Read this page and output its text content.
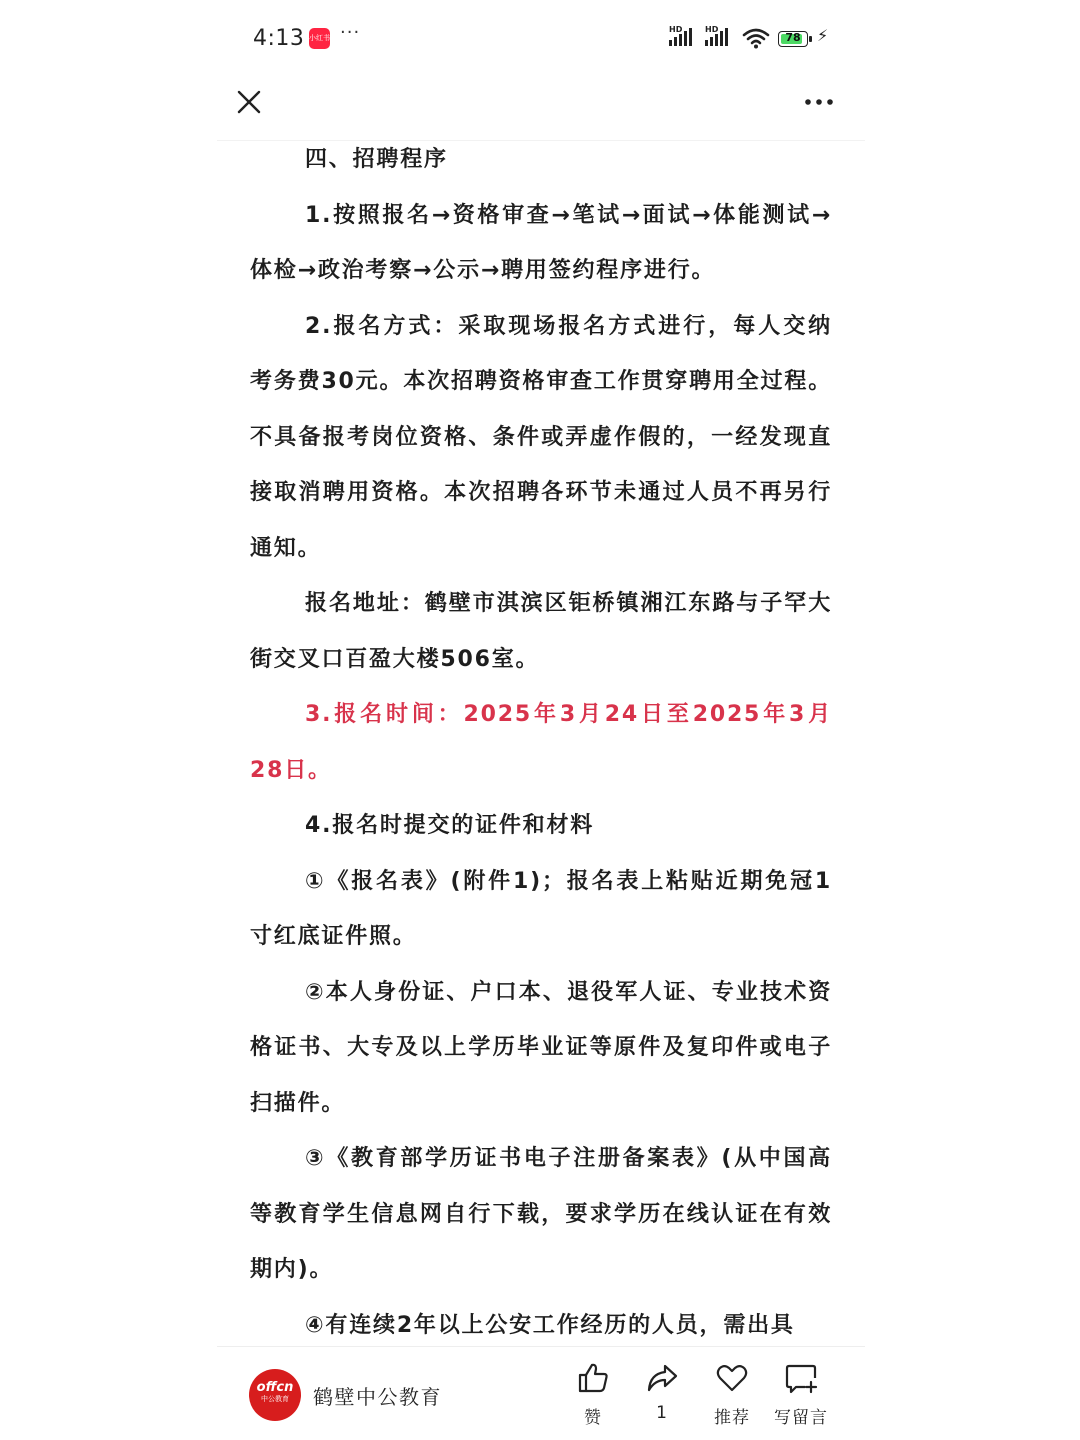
4:13 小红书 ···	HD	HD
78	⚡

四、招聘程序

1.按照报名→资格审查→笔试→面试→体能测试→体检→政治考察→公示→聘用签约程序进行。

2.报名方式：采取现场报名方式进行，每人交纳考务费30元。本次招聘资格审查工作贯穿聘用全过程。不具备报考岗位资格、条件或弄虚作假的，一经发现直接取消聘用资格。本次招聘各环节未通过人员不再另行通知。

报名地址：鹤壁市淇滨区钜桥镇湘江东路与子罕大街交叉口百盈大楼506室。

3.报名时间：2025年3月24日至2025年3月28日。

4.报名时提交的证件和材料

①《报名表》(附件1)；报名表上粘贴近期免冠1寸红底证件照。

②本人身份证、户口本、退役军人证、专业技术资格证书、大专及以上学历毕业证等原件及复印件或电子扫描件。

③《教育部学历证书电子注册备案表》(从中国高等教育学生信息网自行下载，要求学历在线认证在有效期内)。

④有连续2年以上公安工作经历的人员，需出具

offcn
中公教育	鹤壁中公教育
赞	1	推荐	写留言
